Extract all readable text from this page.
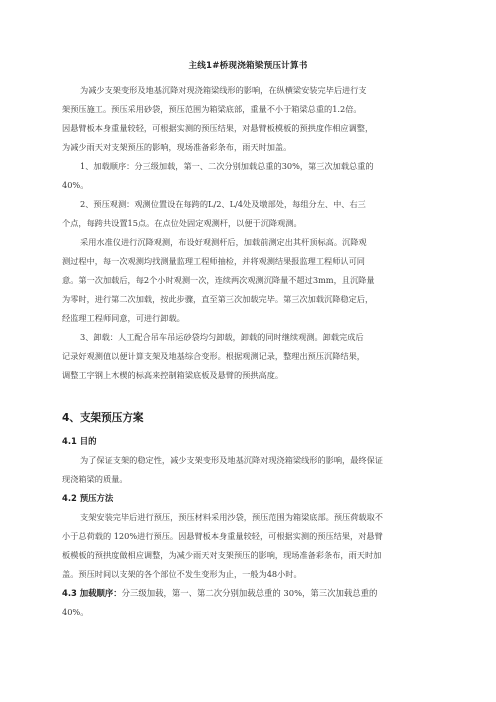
主线1#桥现浇箱梁预压计算书
为减少支架变形及地基沉降对现浇箱梁线形的影响，在纵横梁安装完毕后进行支
架预压施工。预压采用砂袋，预压范围为箱梁底部，重量不小于箱梁总重的1.2倍。
因悬臂板本身重量较轻，可根据实测的预压结果，对悬臂板模板的预拱度作相应调整，
为减少雨天对支架预压的影响，现场准备彩条布，雨天时加盖。
1、加载顺序：分三级加载，第一、二次分别加载总重的30%，第三次加载总重的
40%。
2、预压观测：观测位置设在每跨的L/2、L/4处及墩部处，每组分左、中、右三
个点，每跨共设置15点。在点位处固定观测杆，以便于沉降观测。
采用水准仪进行沉降观测，布设好观测杆后，加载前测定出其杆顶标高。沉降观
测过程中，每一次观测均找测量监理工程师抽检，并将观测结果报监理工程师认可同
意。第一次加载后，每2个小时观测一次，连续两次观测沉降量不超过3mm，且沉降量
为零时，进行第二次加载，按此步骤，直至第三次加载完毕。第三次加载沉降稳定后，
经监理工程师同意，可进行卸载。
3、卸载：人工配合吊车吊运砂袋均匀卸载，卸载的同时继续观测。卸载完成后
记录好观测值以便计算支架及地基综合变形。根据观测记录，整理出预压沉降结果，
调整工字钢上木楔的标高来控制箱梁底板及悬臂的预拱高度。
4、支架预压方案
4.1 目的
为了保证支架的稳定性，减少支架变形及地基沉降对现浇箱梁线形的影响，最终保证
现浇箱梁的质量。
4.2 预压方法
支架安装完毕后进行预压，预压材料采用沙袋，预压范围为箱梁底部。预压荷载取不
小于总荷载的 120%进行预压。因悬臂板本身重量较轻，可根据实测的预压结果，对悬臂
板模板的预拱度做相应调整，为减少雨天对支架预压的影响，现场准备彩条布，雨天时加
盖。预压时间以支架的各个部位不发生变形为止，一般为48小时。
4.3 加载顺序：分三级加载，第一、第二次分别加载总重的 30%，第三次加载总重的
40%。
